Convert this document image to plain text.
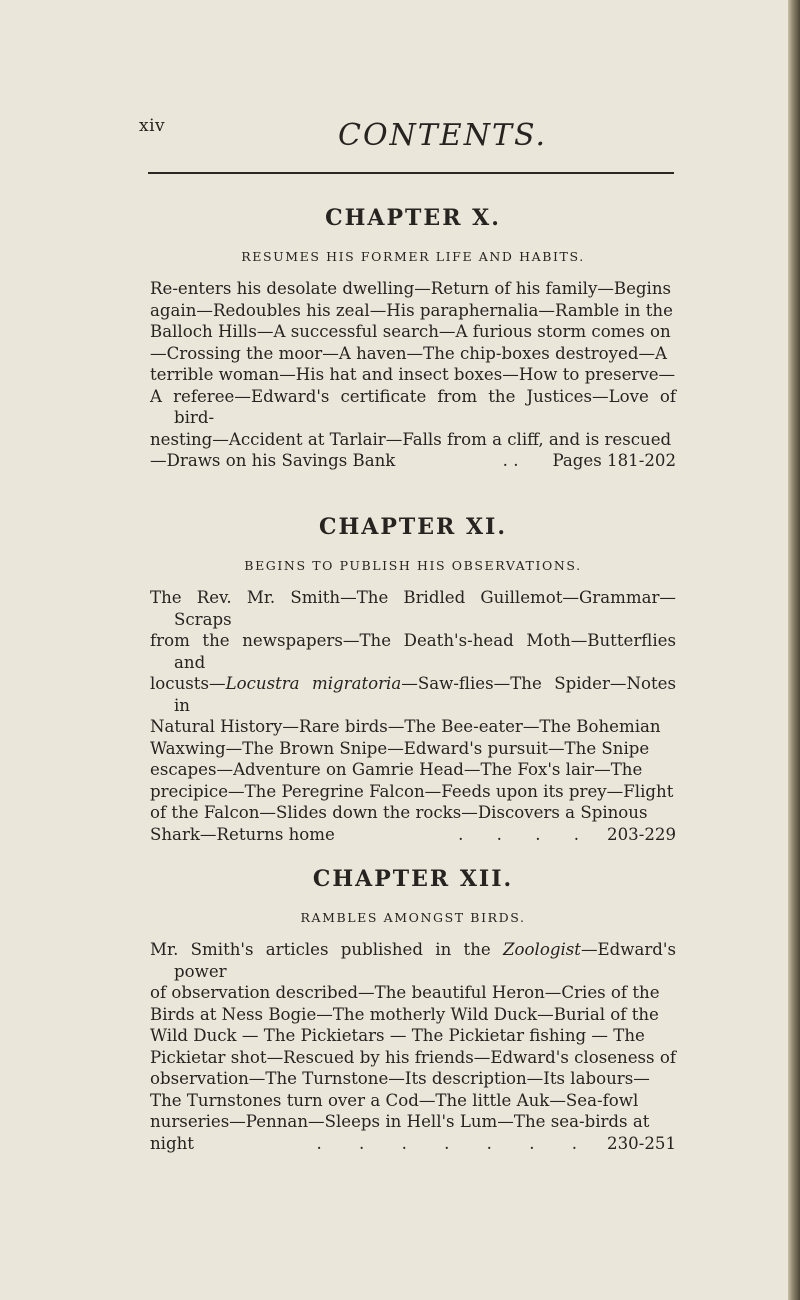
xiv	CONTENTS.
CHAPTER X.
RESUMES HIS FORMER LIFE AND HABITS.
Re-enters his desolate dwelling—Return of his family—Begins
again—Redoubles his zeal—His paraphernalia—Ramble in the
Balloch Hills—A successful search—A furious storm comes on
—Crossing the moor—A haven—The chip-boxes destroyed—A
terrible woman—His hat and insect boxes—How to preserve—
A referee—Edward's certificate from the Justices—Love of bird-
nesting—Accident at Tarlair—Falls from a cliff, and is rescued
—Draws on his Savings Bank	. . Pages 181-202
CHAPTER XI.
BEGINS TO PUBLISH HIS OBSERVATIONS.
The Rev. Mr. Smith—The Bridled Guillemot—Grammar—Scraps
from the newspapers—The Death's-head Moth—Butterflies and
locusts—Locustra migratoria—Saw-flies—The Spider—Notes in
Natural History—Rare birds—The Bee-eater—The Bohemian
Waxwing—The Brown Snipe—Edward's pursuit—The Snipe
escapes—Adventure on Gamrie Head—The Fox's lair—The
precipice—The Peregrine Falcon—Feeds upon its prey—Flight
of the Falcon—Slides down the rocks—Discovers a Spinous
Shark—Returns home	. . . . 203-229
CHAPTER XII.
RAMBLES AMONGST BIRDS.
Mr. Smith's articles published in the Zoologist—Edward's power
of observation described—The beautiful Heron—Cries of the
Birds at Ness Bogie—The motherly Wild Duck—Burial of the
Wild Duck — The Pickietars — The Pickietar fishing — The
Pickietar shot—Rescued by his friends—Edward's closeness of
observation—The Turnstone—Its description—Its labours—
The Turnstones turn over a Cod—The little Auk—Sea-fowl
nurseries—Pennan—Sleeps in Hell's Lum—The sea-birds at
night	. . . . . . . 230-251
